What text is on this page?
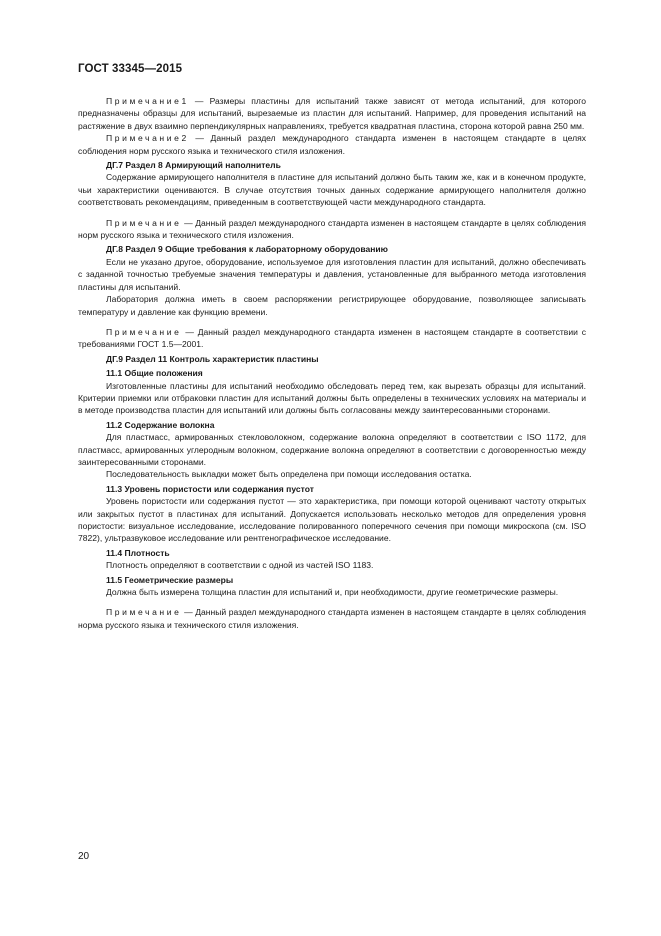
ГОСТ 33345—2015

Примечание1 — Размеры пластины для испытаний также зависят от метода испытаний, для которого предназначены образцы для испытаний, вырезаемые из пластин для испытаний. Например, для проведения испытаний на растяжение в двух взаимно перпендикулярных направлениях, требуется квадратная пластина, сторона которой равна 250 мм.

Примечание2 — Данный раздел международного стандарта изменен в настоящем стандарте в целях соблюдения норм русского языка и технического стиля изложения.

ДГ.7 Раздел 8 Армирующий наполнитель

Содержание армирующего наполнителя в пластине для испытаний должно быть таким же, как и в конечном продукте, чьи характеристики оцениваются. В случае отсутствия точных данных содержание армирующего наполнителя должно соответствовать рекомендациям, приведенным в соответствующей части международного стандарта.

Примечание — Данный раздел международного стандарта изменен в настоящем стандарте в целях соблюдения норм русского языка и технического стиля изложения.

ДГ.8 Раздел 9 Общие требования к лабораторному оборудованию

Если не указано другое, оборудование, используемое для изготовления пластин для испытаний, должно обеспечивать с заданной точностью требуемые значения температуры и давления, установленные для выбранного метода изготовления пластины для испытаний.

Лаборатория должна иметь в своем распоряжении регистрирующее оборудование, позволяющее записывать температуру и давление как функцию времени.

Примечание — Данный раздел международного стандарта изменен в настоящем стандарте в соответствии с требованиями ГОСТ 1.5—2001.

ДГ.9 Раздел 11 Контроль характеристик пластины

11.1 Общие положения

Изготовленные пластины для испытаний необходимо обследовать перед тем, как вырезать образцы для испытаний. Критерии приемки или отбраковки пластин для испытаний должны быть определены в технических условиях на материалы и в методе производства пластин для испытаний или должны быть согласованы между заинтересованными сторонами.

11.2 Содержание волокна

Для пластмасс, армированных стекловолокном, содержание волокна определяют в соответствии с ISO 1172, для пластмасс, армированных углеродным волокном, содержание волокна определяют в соответствии с договоренностью между заинтересованными сторонами.

Последовательность выкладки может быть определена при помощи исследования остатка.

11.3 Уровень пористости или содержания пустот

Уровень пористости или содержания пустот — это характеристика, при помощи которой оценивают частоту открытых или закрытых пустот в пластинах для испытаний. Допускается использовать несколько методов для определения уровня пористости: визуальное исследование, исследование полированного поперечного сечения при помощи микроскопа (см. ISO 7822), ультразвуковое исследование или рентгенографическое исследование.

11.4 Плотность

Плотность определяют в соответствии с одной из частей ISO 1183.

11.5 Геометрические размеры

Должна быть измерена толщина пластин для испытаний и, при необходимости, другие геометрические размеры.

Примечание — Данный раздел международного стандарта изменен в настоящем стандарте в целях соблюдения норма русского языка и технического стиля изложения.

20
